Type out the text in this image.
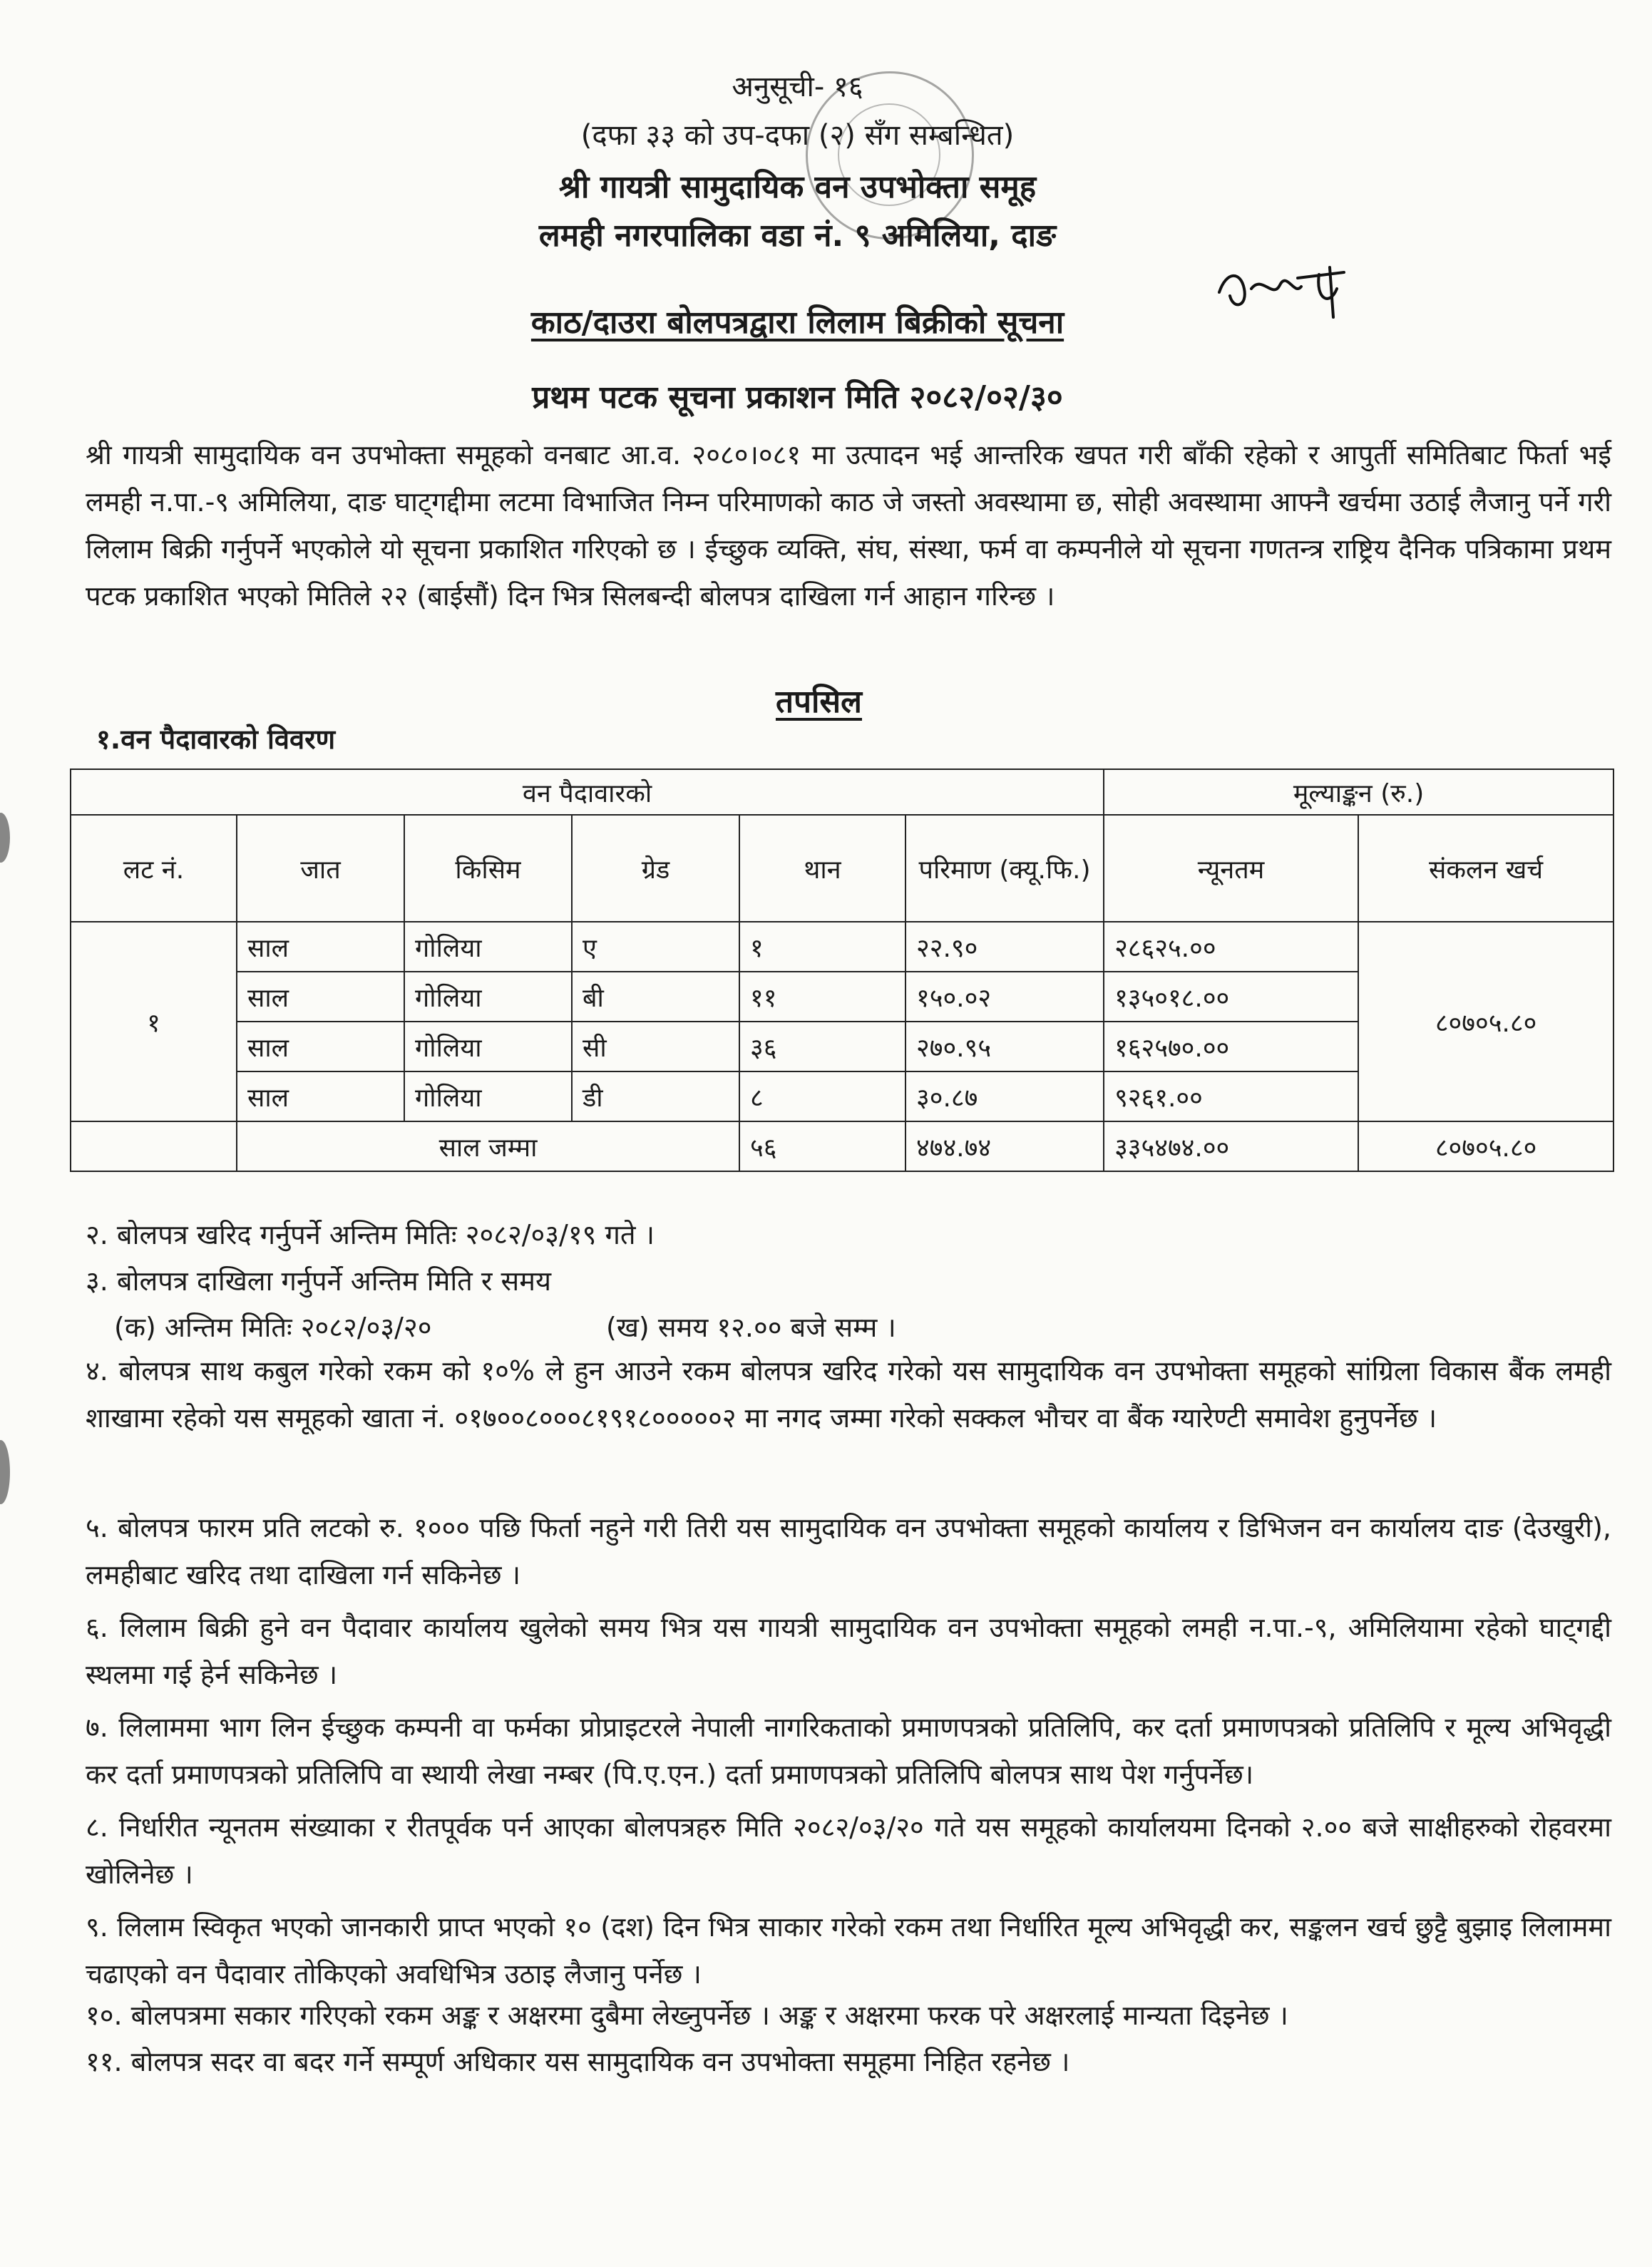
अनुसूची- १६
(दफा ३३ को उप-दफा (२) सँग सम्बन्धित)
श्री गायत्री सामुदायिक वन उपभोक्ता समूह
लमही नगरपालिका वडा नं. ९ अमिलिया, दाङ
काठ/दाउरा बोलपत्रद्वारा लिलाम बिक्रीको सूचना
प्रथम पटक सूचना प्रकाशन मिति २०८२/०२/३०
श्री गायत्री सामुदायिक वन उपभोक्ता समूहको वनबाट आ.व. २०८०।०८१ मा उत्पादन भई आन्तरिक खपत गरी बाँकी रहेको र आपुर्ती समितिबाट फिर्ता भई लमही न.पा.-९ अमिलिया, दाङ घाट्गद्दीमा लटमा विभाजित निम्न परिमाणको काठ जे जस्तो अवस्थामा छ, सोही अवस्थामा आफ्नै खर्चमा उठाई लैजानु पर्ने गरी लिलाम बिक्री गर्नुपर्ने भएकोले यो सूचना प्रकाशित गरिएको छ । ईच्छुक व्यक्ति, संघ, संस्था, फर्म वा कम्पनीले यो सूचना गणतन्त्र राष्ट्रिय दैनिक पत्रिकामा प्रथम पटक प्रकाशित भएको मितिले २२ (बाईसौं) दिन भित्र सिलबन्दी बोलपत्र दाखिला गर्न आहान गरिन्छ ।
तपसिल
१.वन पैदावारको विवरण
वन पैदावारको						मूल्याङ्कन (रु.)	
लट नं.	जात	किसिम	ग्रेड	थान	परिमाण (क्यू.फि.)	न्यूनतम	संकलन खर्च
१	साल	गोलिया	ए	१	२२.९०	२८६२५.००	८०७०५.८०
	साल	गोलिया	बी	११	१५०.०२	१३५०१८.००	
	साल	गोलिया	सी	३६	२७०.९५	१६२५७०.००	
	साल	गोलिया	डी	८	३०.८७	९२६१.००	
	साल जम्मा			५६	४७४.७४	३३५४७४.००	८०७०५.८०
२. बोलपत्र खरिद गर्नुपर्ने अन्तिम मितिः २०८२/०३/१९ गते ।
३. बोलपत्र दाखिला गर्नुपर्ने अन्तिम मिति र समय
(क) अन्तिम मितिः २०८२/०३/२०	(ख) समय १२.०० बजे सम्म ।
४. बोलपत्र साथ कबुल गरेको रकम को १०% ले हुन आउने रकम बोलपत्र खरिद गरेको यस सामुदायिक वन उपभोक्ता समूहको सांग्रिला विकास बैंक लमही शाखामा रहेको यस समूहको खाता नं. ०१७००८०००८१९१८०००००२ मा नगद जम्मा गरेको सक्कल भौचर वा बैंक ग्यारेण्टी समावेश हुनुपर्नेछ ।
५. बोलपत्र फारम प्रति लटको रु. १००० पछि फिर्ता नहुने गरी तिरी यस सामुदायिक वन उपभोक्ता समूहको कार्यालय र डिभिजन वन कार्यालय दाङ (देउखुरी), लमहीबाट खरिद तथा दाखिला गर्न सकिनेछ ।
६. लिलाम बिक्री हुने वन पैदावार कार्यालय खुलेको समय भित्र यस गायत्री सामुदायिक वन उपभोक्ता समूहको लमही न.पा.-९, अमिलियामा रहेको घाट्गद्दी स्थलमा गई हेर्न सकिनेछ ।
७. लिलाममा भाग लिन ईच्छुक कम्पनी वा फर्मका प्रोप्राइटरले नेपाली नागरिकताको प्रमाणपत्रको प्रतिलिपि, कर दर्ता प्रमाणपत्रको प्रतिलिपि र मूल्य अभिवृद्धी कर दर्ता प्रमाणपत्रको प्रतिलिपि वा स्थायी लेखा नम्बर (पि.ए.एन.) दर्ता प्रमाणपत्रको प्रतिलिपि बोलपत्र साथ पेश गर्नुपर्नेछ।
८. निर्धारीत न्यूनतम संख्याका र रीतपूर्वक पर्न आएका बोलपत्रहरु मिति २०८२/०३/२० गते यस समूहको कार्यालयमा दिनको २.०० बजे साक्षीहरुको रोहवरमा खोलिनेछ ।
९. लिलाम स्विकृत भएको जानकारी प्राप्त भएको १० (दश) दिन भित्र साकार गरेको रकम तथा निर्धारित मूल्य अभिवृद्धी कर, सङ्कलन खर्च छुट्टै बुझाइ लिलाममा चढाएको वन पैदावार तोकिएको अवधिभित्र उठाइ लैजानु पर्नेछ ।
१०. बोलपत्रमा सकार गरिएको रकम अङ्क र अक्षरमा दुबैमा लेख्नुपर्नेछ । अङ्क र अक्षरमा फरक परे अक्षरलाई मान्यता दिइनेछ ।
११. बोलपत्र सदर वा बदर गर्ने सम्पूर्ण अधिकार यस सामुदायिक वन उपभोक्ता समूहमा निहित रहनेछ ।
